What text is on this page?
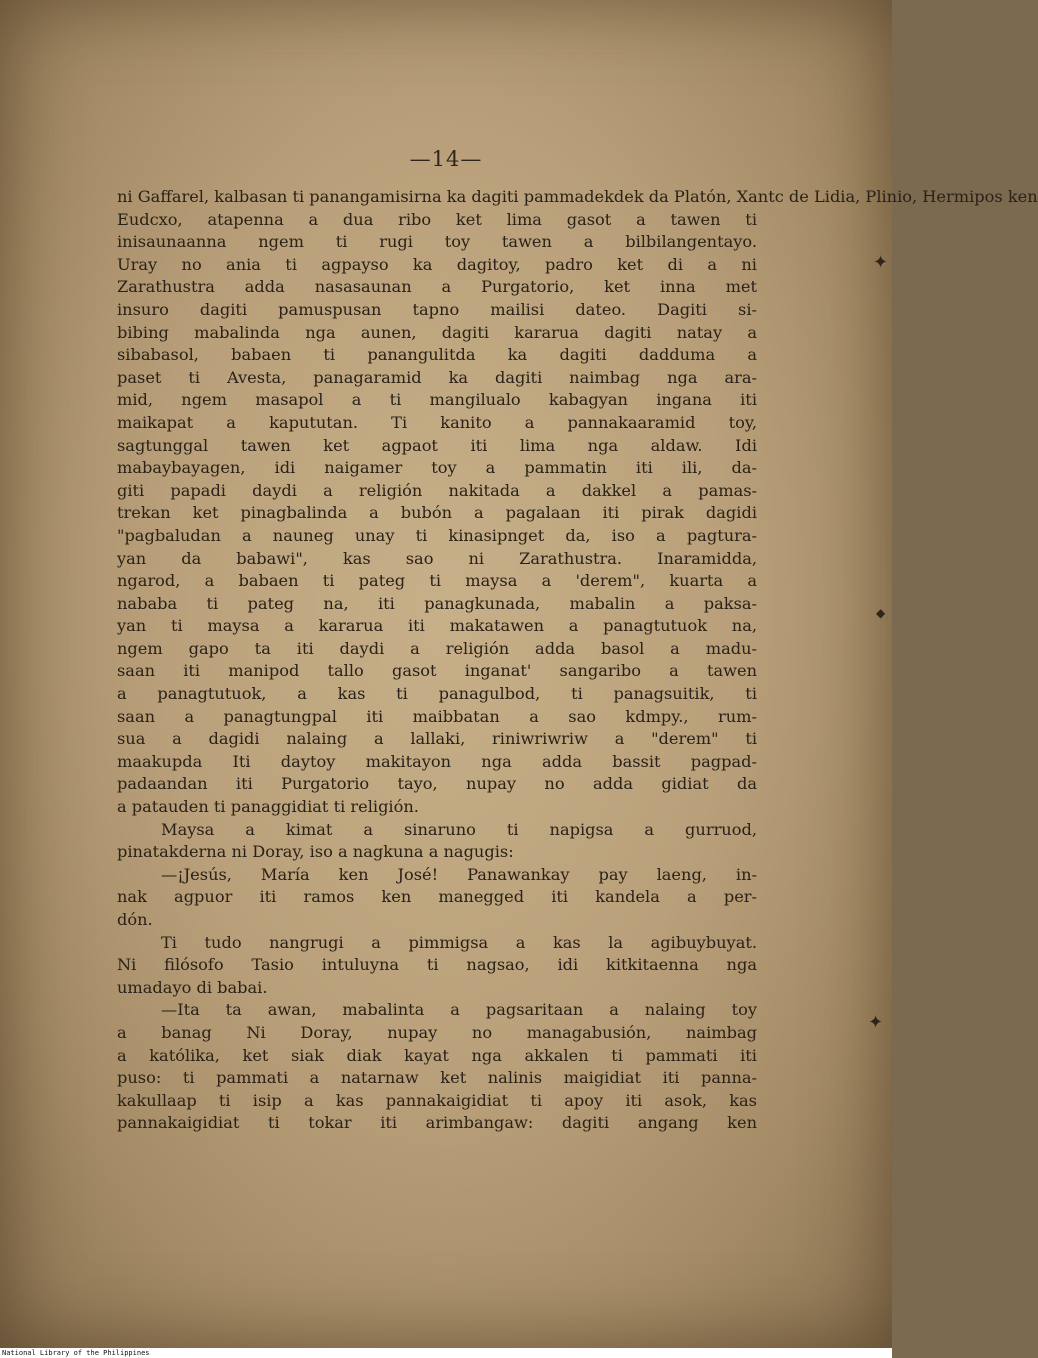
—14—
ni Gaffarel, kalbasan ti panangamisirna ka dagiti pammadekdek da Platón, Xantc de Lidia, Plinio, Hermipos ken
Eudcxo, atapenna a dua ribo ket lima gasot a tawen ti
inisaunaanna ngem ti rugi toy tawen a bilbilangentayo.
Uray no ania ti agpayso ka dagitoy, padro ket di a ni
Zarathustra adda nasasaunan a Purgatorio, ket inna met
insuro dagiti pamuspusan tapno mailisi dateo. Dagiti si-
bibing mabalinda nga aunen, dagiti kararua dagiti natay a
sibabasol, babaen ti panangulitda ka dagiti dadduma a
paset ti Avesta, panagaramid ka dagiti naimbag nga ara-
mid, ngem masapol a ti mangilualo kabagyan ingana iti
maikapat a kapututan. Ti kanito a pannakaaramid toy,
sagtunggal tawen ket agpaot iti lima nga aldaw. Idi
mabaybayagen, idi naigamer toy a pammatin iti ili, da-
giti papadi daydi a religión nakitada a dakkel a pamas-
trekan ket pinagbalinda a bubón a pagalaan iti pirak dagidi
"pagbaludan a nauneg unay ti kinasipnget da, iso a pagtura-
yan da babawi", kas sao ni Zarathustra. Inaramidda,
ngarod, a babaen ti pateg ti maysa a 'derem", kuarta a
nababa ti pateg na, iti panagkunada, mabalin a paksa-
yan ti maysa a kararua iti makatawen a panagtutuok na,
ngem gapo ta iti daydi a religión adda basol a madu-
saan iti manipod tallo gasot inganat' sangaribo a tawen
a panagtutuok, a kas ti panagulbod, ti panagsuitik, ti
saan a panagtungpal iti maibbatan a sao kdmpy., rum-
sua a dagidi nalaing a lallaki, riniwriwriw a "derem" ti
maakupda Iti daytoy makitayon nga adda bassit pagpad-
padaandan iti Purgatorio tayo, nupay no adda gidiat da
a patauden ti panaggidiat ti religión.
Maysa a kimat a sinaruno ti napigsa a gurruod,
pinatakderna ni Doray, iso a nagkuna a nagugis:
—¡Jesús, María ken José! Panawankay pay laeng, in-
nak agpuor iti ramos ken manegged iti kandela a per-
dón.
Ti tudo nangrugi a pimmigsa a kas la agibuybuyat.
Ni filósofo Tasio intuluyna ti nagsao, idi kitkitaenna nga
umadayo di babai.
—Ita ta awan, mabalinta a pagsaritaan a nalaing toy
a banag Ni Doray, nupay no managabusión, naimbag
a katólika, ket siak diak kayat nga akkalen ti pammati iti
puso: ti pammati a natarnaw ket nalinis maigidiat iti panna-
kakullaap ti isip a kas pannakaigidiat ti apoy iti asok, kas
pannakaigidiat ti tokar iti arimbangaw: dagiti angang ken
✦
◆
✦
National Library of the Philippines
